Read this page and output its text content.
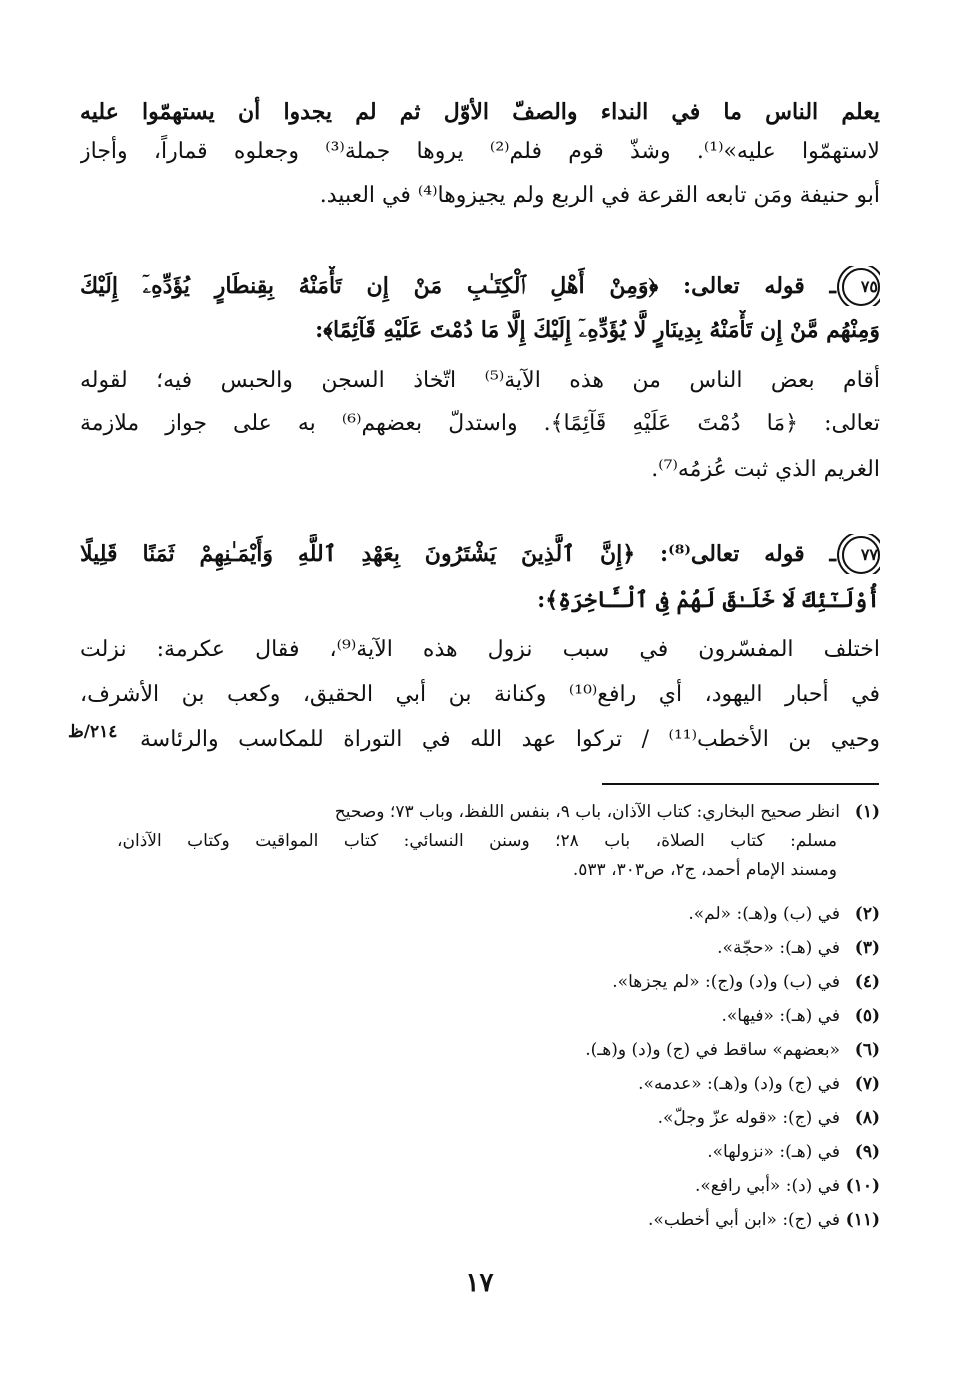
يعلم الناس ما في النداء والصفّ الأوّل ثم لم يجدوا أن يستهمّوا عليه
لاستهمّوا عليه»⁽¹⁾. وشذّ قوم فلم⁽²⁾ يروها جملة⁽³⁾ وجعلوه قماراً، وأجاز
أبو حنيفة ومَن تابعه القرعة في الربع ولم يجيزوها⁽⁴⁾ في العبيد.
٧٥ـ قوله تعالى: ﴿وَمِنْ أَهْلِ ٱلْكِتَـٰبِ مَنْ إِن تَأْمَنْهُ بِقِنطَارٍ يُؤَدِّهِۦٓ إِلَيْكَ
وَمِنْهُم مَّنْ إِن تَأْمَنْهُ بِدِينَارٍ لَّا يُؤَدِّهِۦٓ إِلَيْكَ إِلَّا مَا دُمْتَ عَلَيْهِ قَآئِمًا﴾:
أقام بعض الناس من هذه الآية⁽⁵⁾ اتّخاذ السجن والحبس فيه؛ لقوله
تعالى: ﴿مَا دُمْتَ عَلَيْهِ قَآئِمًا﴾. واستدلّ بعضهم⁽⁶⁾ به على جواز ملازمة
الغريم الذي ثبت عُزمُه⁽⁷⁾.
٧٧ـ قوله تعالى⁽⁸⁾: ﴿إِنَّ ٱلَّذِينَ يَشْتَرُونَ بِعَهْدِ ٱللَّهِ وَأَيْمَـٰنِهِمْ ثَمَنًا قَلِيلًا
أُوْلَـٰٓئِكَ لَا خَلَـٰقَ لَهُمْ فِى ٱلْـَٔاخِرَةِ﴾:
اختلف المفسّرون في سبب نزول هذه الآية⁽⁹⁾، فقال عكرمة: نزلت
في أحبار اليهود، أي رافع⁽¹⁰⁾ وكنانة بن أبي الحقيق، وكعب بن الأشرف،
وحيي بن الأخطب⁽¹¹⁾ / تركوا عهد الله في التوراة للمكاسب والرئاسة
٢١٤/ظ
(١)انظر صحيح البخاري: كتاب الآذان، باب ٩، بنفس اللفظ، وباب ٧٣؛ وصحيح
مسلم: كتاب الصلاة، باب ٢٨؛ وسنن النسائي: كتاب المواقيت وكتاب الآذان،
ومسند الإمام أحمد، ج٢، ص٣٠٣، ٥٣٣.
(٢)في (ب) و(هـ): «لم».
(٣)في (هـ): «حجّة».
(٤)في (ب) و(د) و(ج): «لم يجزها».
(٥)في (هـ): «فيها».
(٦)«بعضهم» ساقط في (ج) و(د) و(هـ).
(٧)في (ج) و(د) و(هـ): «عدمه».
(٨)في (ج): «قوله عزّ وجلّ».
(٩)في (هـ): «نزولها».
(١٠)في (د): «أبي رافع».
(١١)في (ج): «ابن أبي أخطب».
١٧
